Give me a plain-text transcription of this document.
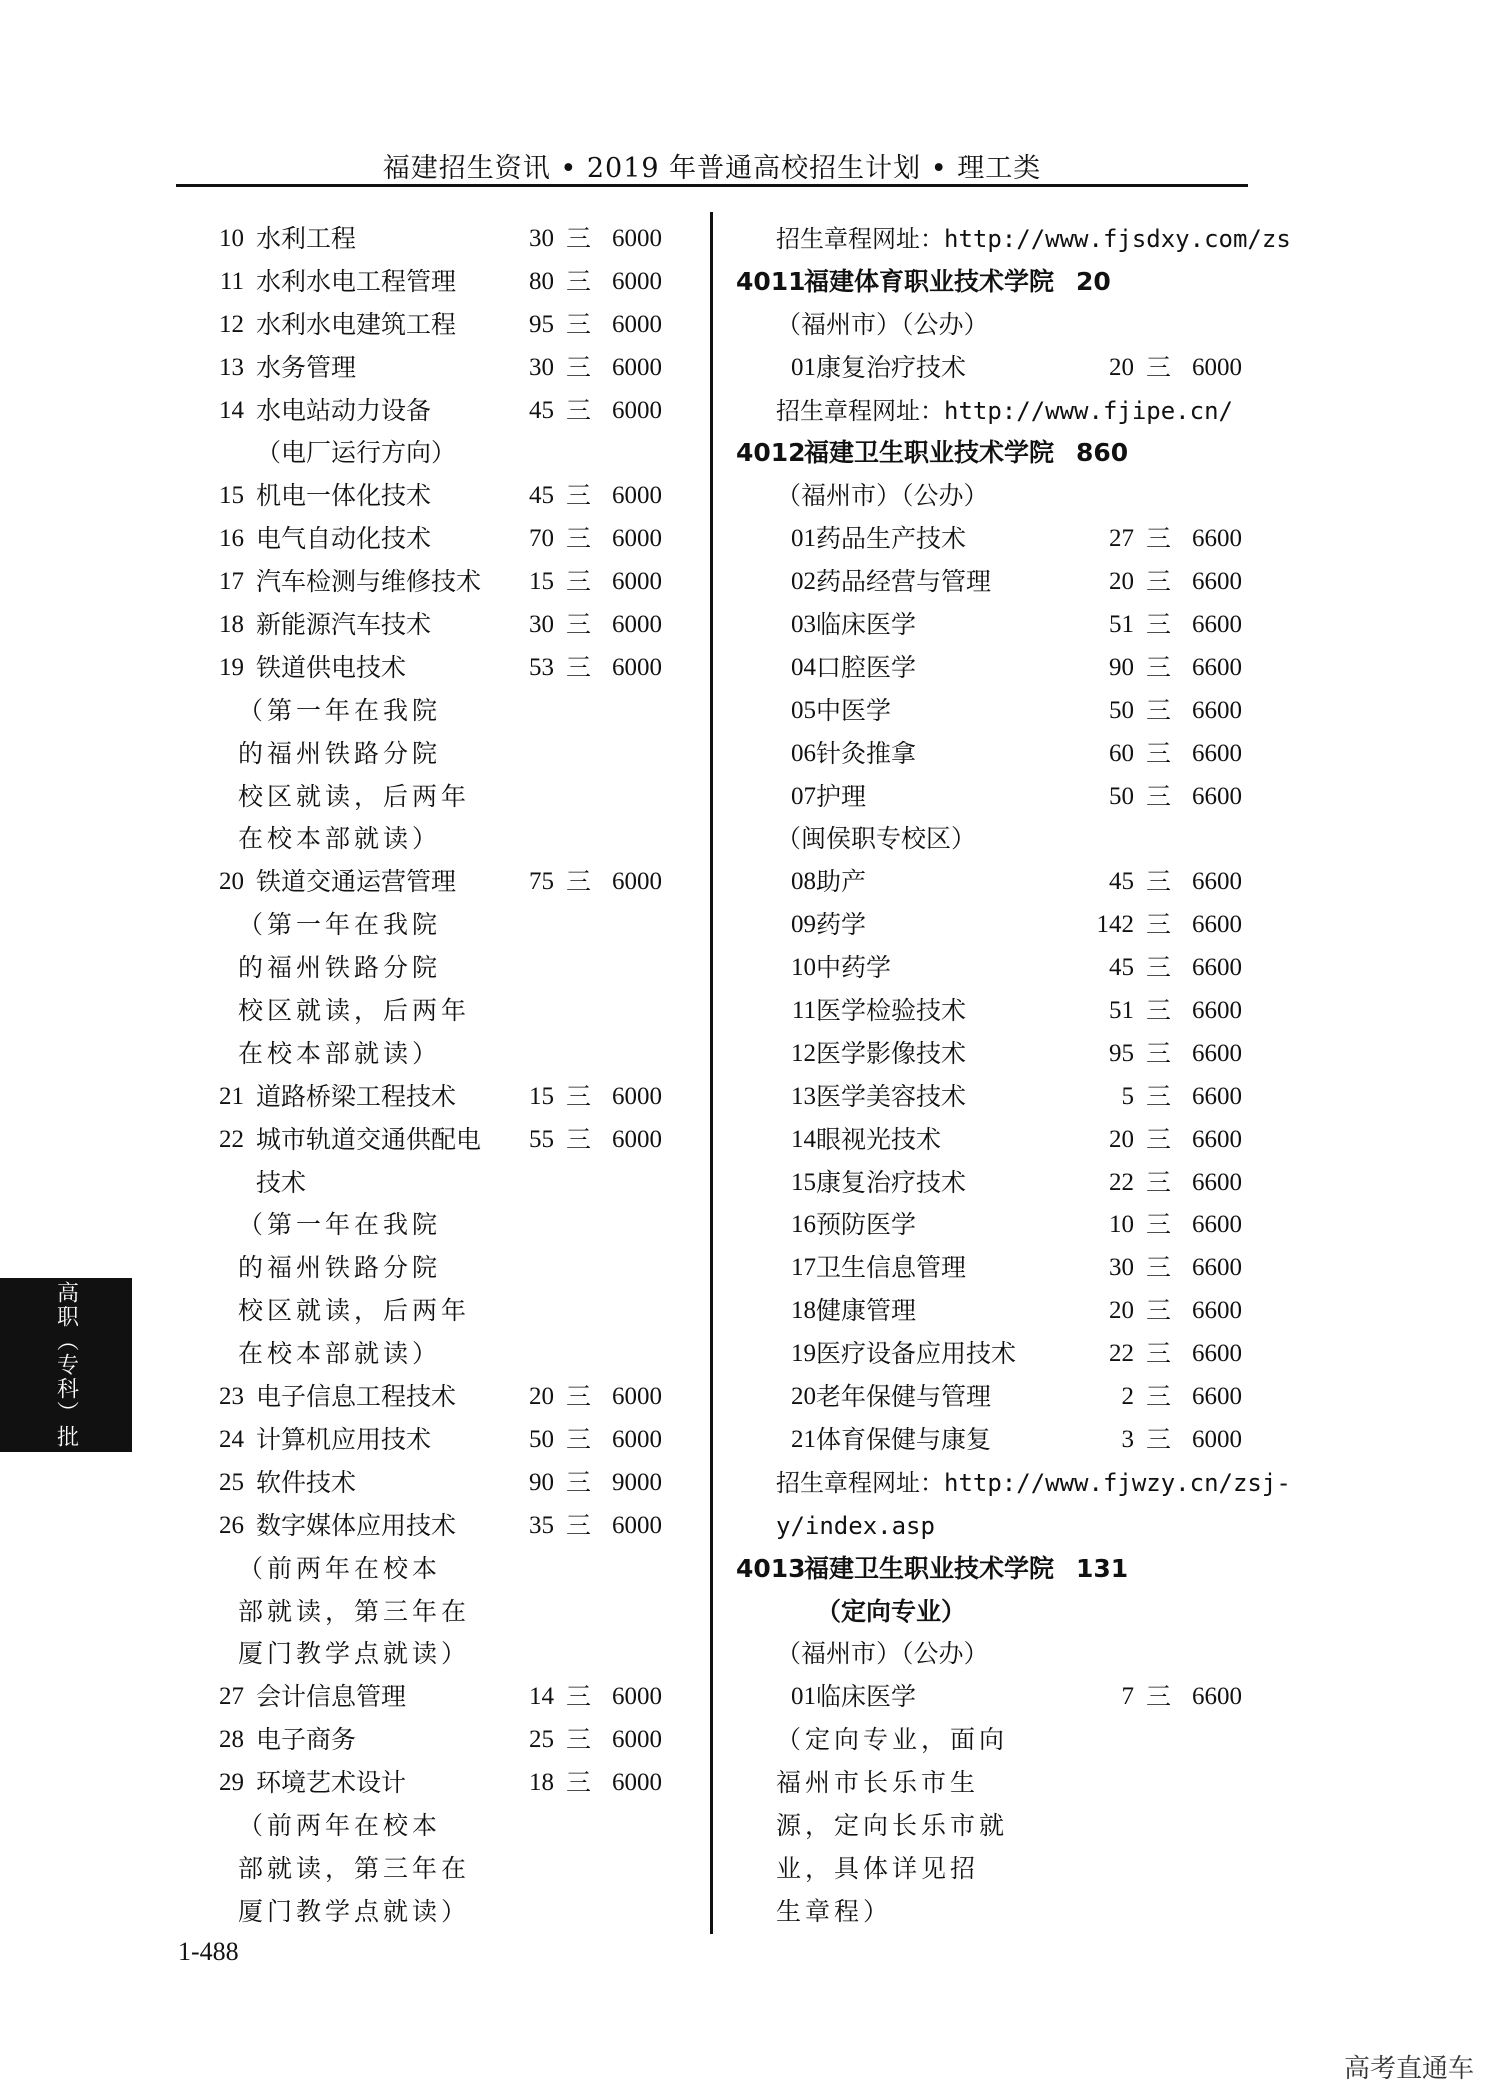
福建招生资讯 • 2019 年普通高校招生计划 • 理工类
10 水利工程	30 三 6000
11 水利水电工程管理	80 三 6000
12 水利水电建筑工程	95 三 6000
13 水务管理	30 三 6000
14 水电站动力设备	45 三 6000
（电厂运行方向）
15 机电一体化技术	45 三 6000
16 电气自动化技术	70 三 6000
17 汽车检测与维修技术	15 三 6000
18 新能源汽车技术	30 三 6000
19 铁道供电技术	53 三 6000
（第一年在我院
的福州铁路分院
校区就读，后两年
在校本部就读）
20 铁道交通运营管理	75 三 6000
（第一年在我院
的福州铁路分院
校区就读，后两年
在校本部就读）
21 道路桥梁工程技术	15 三 6000
22 城市轨道交通供配电	55 三 6000
技术
（第一年在我院
的福州铁路分院
校区就读，后两年
在校本部就读）
23 电子信息工程技术	20 三 6000
24 计算机应用技术	50 三 6000
25 软件技术	90 三 9000
26 数字媒体应用技术	35 三 6000
（前两年在校本
部就读，第三年在
厦门教学点就读）
27 会计信息管理	14 三 6000
28 电子商务	25 三 6000
29 环境艺术设计	18 三 6000
（前两年在校本
部就读，第三年在
厦门教学点就读）
招生章程网址：http://www.fjsdxy.com/zs
4011
福建体育职业技术学院 20
（福州市）（公办）
01 康复治疗技术	20 三 6000
招生章程网址：http://www.fjipe.cn/
4012
福建卫生职业技术学院 860
（福州市）（公办）
01 药品生产技术	27 三 6600
02 药品经营与管理	20 三 6600
03 临床医学	51 三 6600
04 口腔医学	90 三 6600
05 中医学	50 三 6600
06 针灸推拿	60 三 6600
07 护理	50 三 6600
（闽侯职专校区）
08 助产	45 三 6600
09 药学	142 三 6600
10 中药学	45 三 6600
11 医学检验技术	51 三 6600
12 医学影像技术	95 三 6600
13 医学美容技术	5 三 6600
14 眼视光技术	20 三 6600
15 康复治疗技术	22 三 6600
16 预防医学	10 三 6600
17 卫生信息管理	30 三 6600
18 健康管理	20 三 6600
19 医疗设备应用技术	22 三 6600
20 老年保健与管理	2 三 6600
21 体育保健与康复	3 三 6000
招生章程网址：http://www.fjwzy.cn/zsj-
y/index.asp
4013
福建卫生职业技术学院 131
（定向专业）
（福州市）（公办）
01 临床医学	7 三 6600
（定向专业，面向
福州市长乐市生
源，定向长乐市就
业，具体详见招
生章程）
高职（专科）批
1-488
高考直通车
